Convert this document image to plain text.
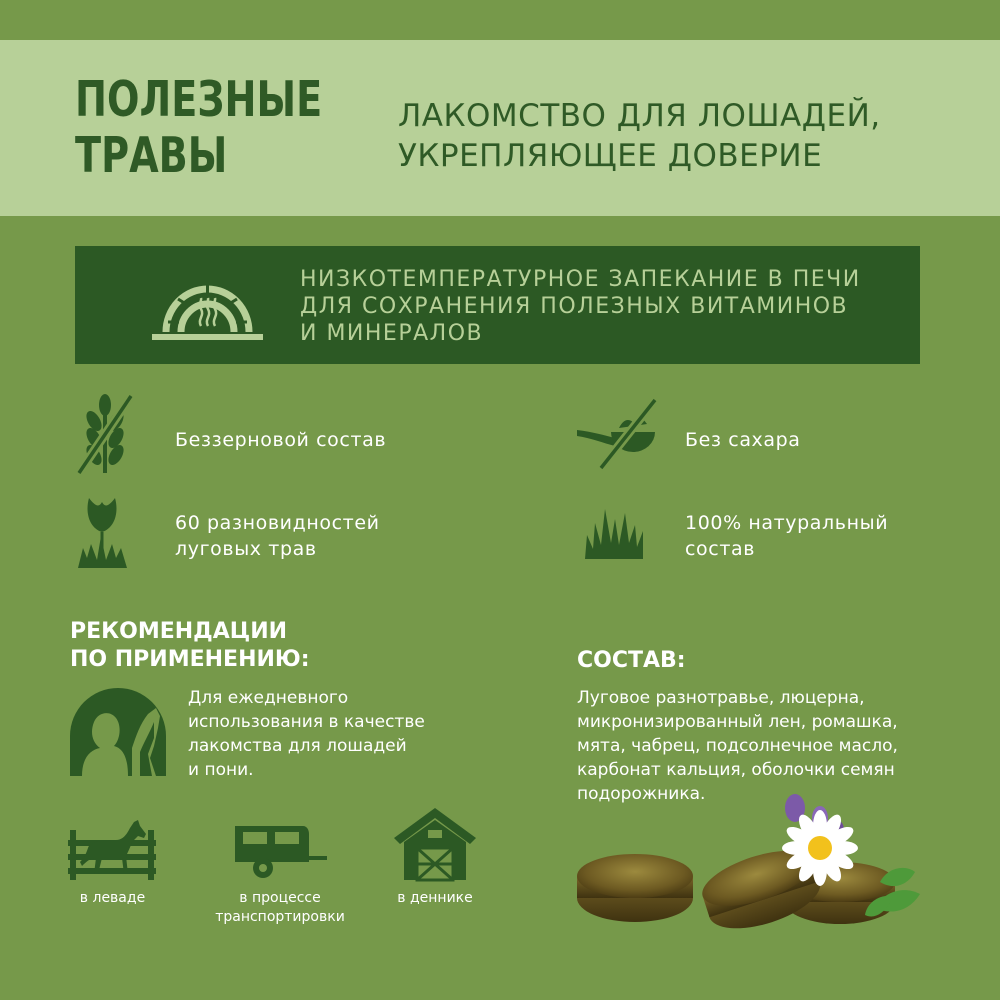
ПОЛЕЗНЫЕ
ТРАВЫ
ЛАКОМСТВО ДЛЯ ЛОШАДЕЙ,
УКРЕПЛЯЮЩЕЕ ДОВЕРИЕ
НИЗКОТЕМПЕРАТУРНОЕ ЗАПЕКАНИЕ В ПЕЧИ
ДЛЯ СОХРАНЕНИЯ ПОЛЕЗНЫХ ВИТАМИНОВ
И МИНЕРАЛОВ
Беззерновой состав	Без сахара
60 разновидностей
луговых трав
100% натуральный
состав
РЕКОМЕНДАЦИИ
ПО ПРИМЕНЕНИЮ:
Для ежедневного
использования в качестве
лакомства для лошадей
и пони.
в леваде	в процессе
транспортировки
в деннике
СОСТАВ:
Луговое разнотравье, люцерна,
микронизированный лен, ромашка,
мята, чабрец, подсолнечное масло,
карбонат кальция, оболочки семян
подорожника.
